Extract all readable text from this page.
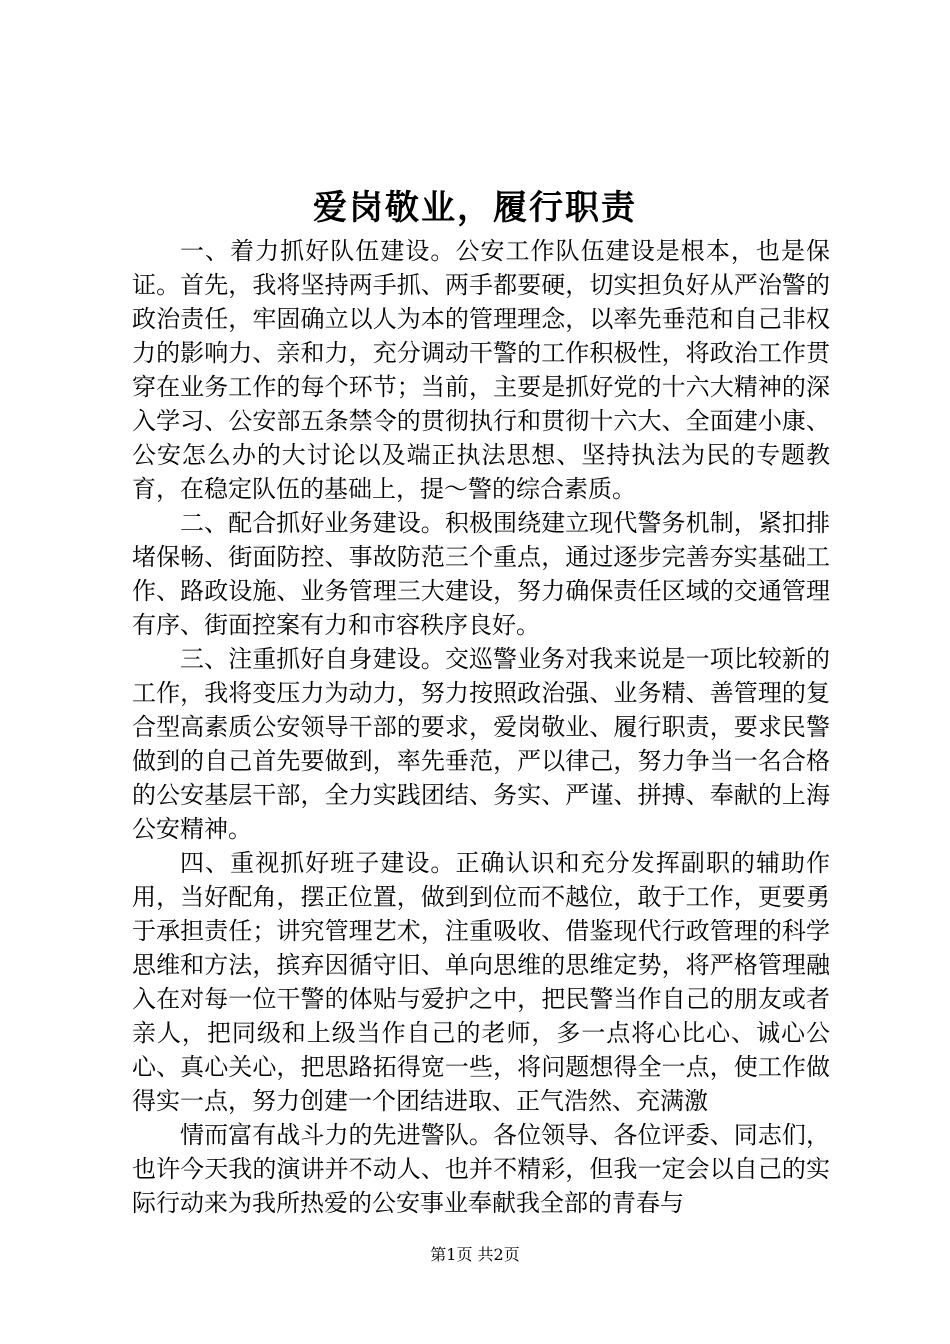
爱岗敬业，履行职责

一、着力抓好队伍建设。公安工作队伍建设是根本，也是保证。首先，我将坚持两手抓、两手都要硬，切实担负好从严治警的政治责任，牢固确立以人为本的管理理念，以率先垂范和自己非权力的影响力、亲和力，充分调动干警的工作积极性，将政治工作贯穿在业务工作的每个环节；当前，主要是抓好党的十六大精神的深入学习、公安部五条禁令的贯彻执行和贯彻十六大、全面建小康、公安怎么办的大讨论以及端正执法思想、坚持执法为民的专题教育，在稳定队伍的基础上，提～警的综合素质。

二、配合抓好业务建设。积极围绕建立现代警务机制，紧扣排堵保畅、街面防控、事故防范三个重点，通过逐步完善夯实基础工作、路政设施、业务管理三大建设，努力确保责任区域的交通管理有序、街面控案有力和市容秩序良好。

三、注重抓好自身建设。交巡警业务对我来说是一项比较新的工作，我将变压力为动力，努力按照政治强、业务精、善管理的复合型高素质公安领导干部的要求，爱岗敬业、履行职责，要求民警做到的自己首先要做到，率先垂范，严以律己，努力争当一名合格的公安基层干部，全力实践团结、务实、严谨、拼搏、奉献的上海公安精神。

四、重视抓好班子建设。正确认识和充分发挥副职的辅助作用，当好配角，摆正位置，做到到位而不越位，敢于工作，更要勇于承担责任；讲究管理艺术，注重吸收、借鉴现代行政管理的科学思维和方法，摈弃因循守旧、单向思维的思维定势，将严格管理融入在对每一位干警的体贴与爱护之中，把民警当作自己的朋友或者亲人，把同级和上级当作自己的老师，多一点将心比心、诚心公心、真心关心，把思路拓得宽一些，将问题想得全一点，使工作做得实一点，努力创建一个团结进取、正气浩然、充满激

情而富有战斗力的先进警队。各位领导、各位评委、同志们，也许今天我的演讲并不动人、也并不精彩，但我一定会以自己的实际行动来为我所热爱的公安事业奉献我全部的青春与

第1页 共2页
